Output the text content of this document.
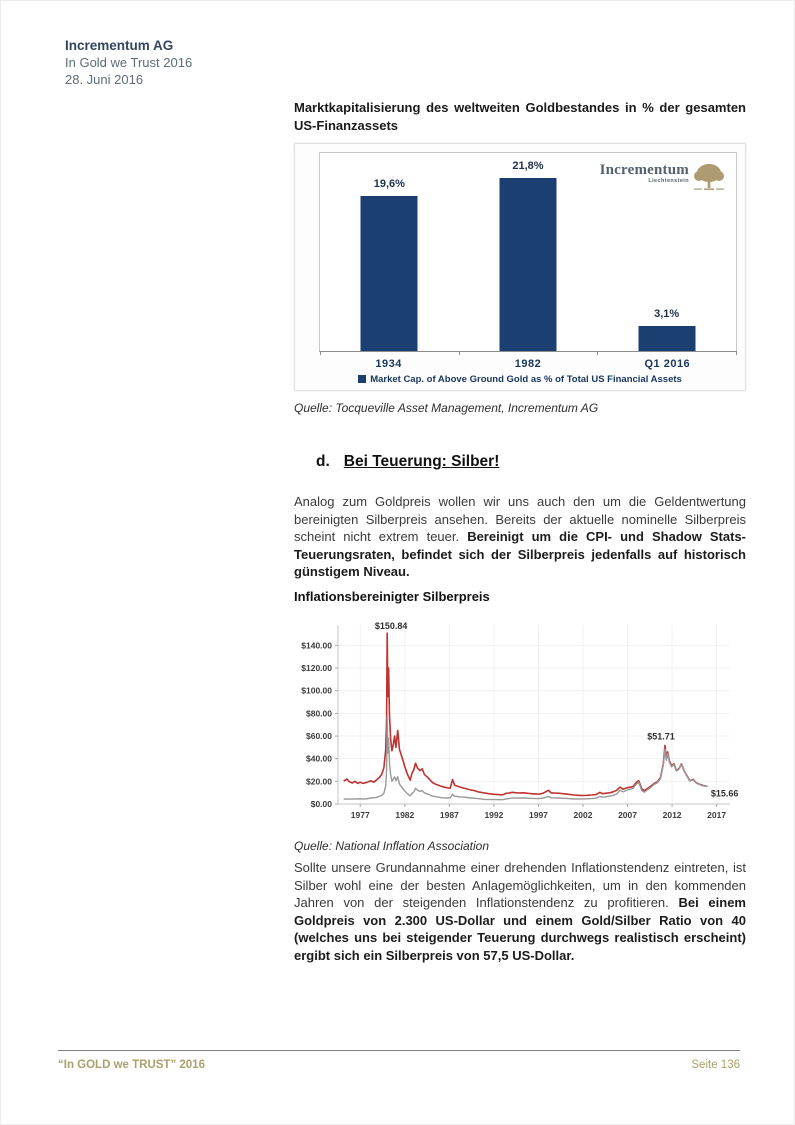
Incrementum AG
In Gold we Trust 2016
28. Juni 2016
Marktkapitalisierung des weltweiten Goldbestandes in % der gesamten US-Finanzassets
Incrementum
Liechtenstein
19,6%
21,8%
3,1%
1934	1982	Q1 2016
Market Cap. of Above Ground Gold as % of Total US Financial Assets
Quelle: Tocqueville Asset Management, Incrementum AG
d. Bei Teuerung: Silber!
Analog zum Goldpreis wollen wir uns auch den um die Geldentwertung bereinigten Silberpreis ansehen. Bereits der aktuelle nominelle Silberpreis scheint nicht extrem teuer. Bereinigt um die CPI- und Shadow Stats-Teuerungsraten, befindet sich der Silberpreis jedenfalls auf historisch günstigem Niveau.
Inflationsbereinigter Silberpreis
$0.00
$20.00
$40.00
$60.00
$80.00
$100.00
$120.00
$140.00
1977	1982	1987	1992	1997	2002	2007	2012	2017
$150.84
$51.71
$15.66
Quelle: National Inflation Association
Sollte unsere Grundannahme einer drehenden Inflationstendenz eintreten, ist Silber wohl eine der besten Anlagemöglichkeiten, um in den kommenden Jahren von der steigenden Inflationstendenz zu profitieren. Bei einem Goldpreis von 2.300 US-Dollar und einem Gold/Silber Ratio von 40 (welches uns bei steigender Teuerung durchwegs realistisch erscheint) ergibt sich ein Silberpreis von 57,5 US-Dollar.
“In GOLD we TRUST” 2016	Seite 136
